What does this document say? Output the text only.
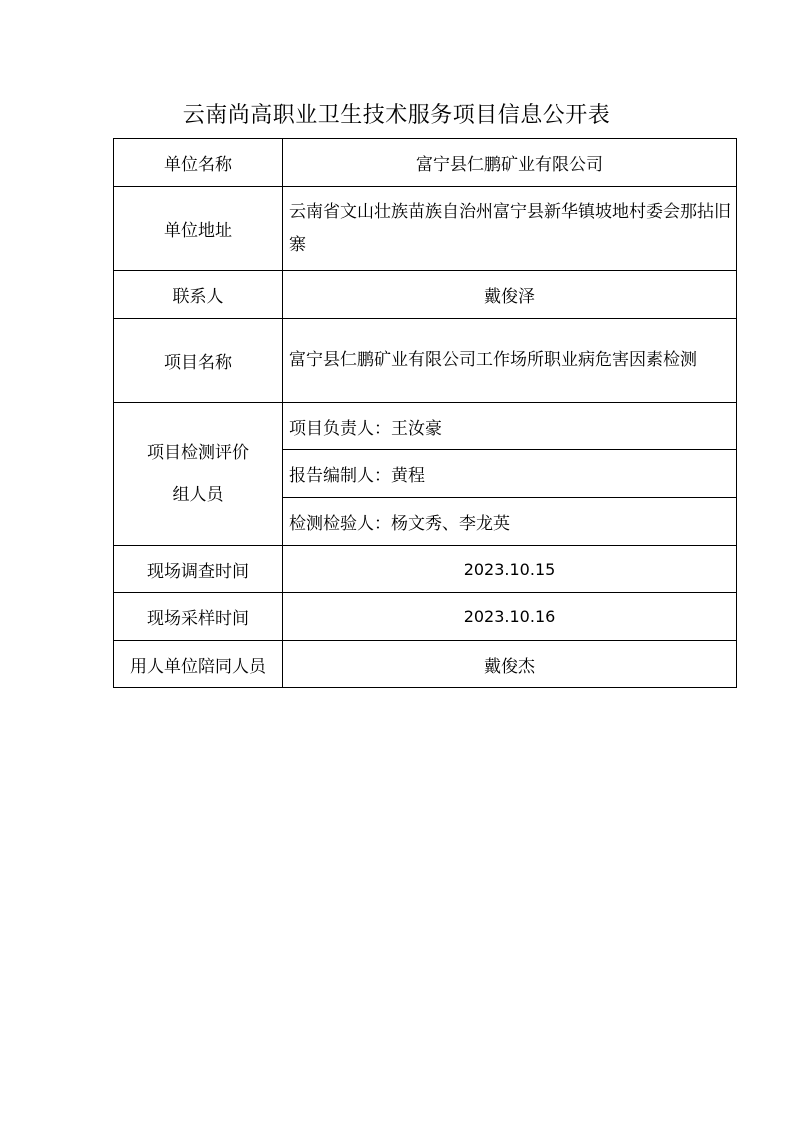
云南尚高职业卫生技术服务项目信息公开表
单位名称	富宁县仁鹏矿业有限公司
单位地址	云南省文山壮族苗族自治州富宁县新华镇坡地村委会那拈旧寨
联系人	戴俊泽
项目名称	富宁县仁鹏矿业有限公司工作场所职业病危害因素检测

项目检测评价
组人员	项目负责人：王汝豪
	报告编制人：黄程
	检测检验人：杨文秀、李龙英
现场调查时间	2023.10.15
现场采样时间	2023.10.16
用人单位陪同人员	戴俊杰
